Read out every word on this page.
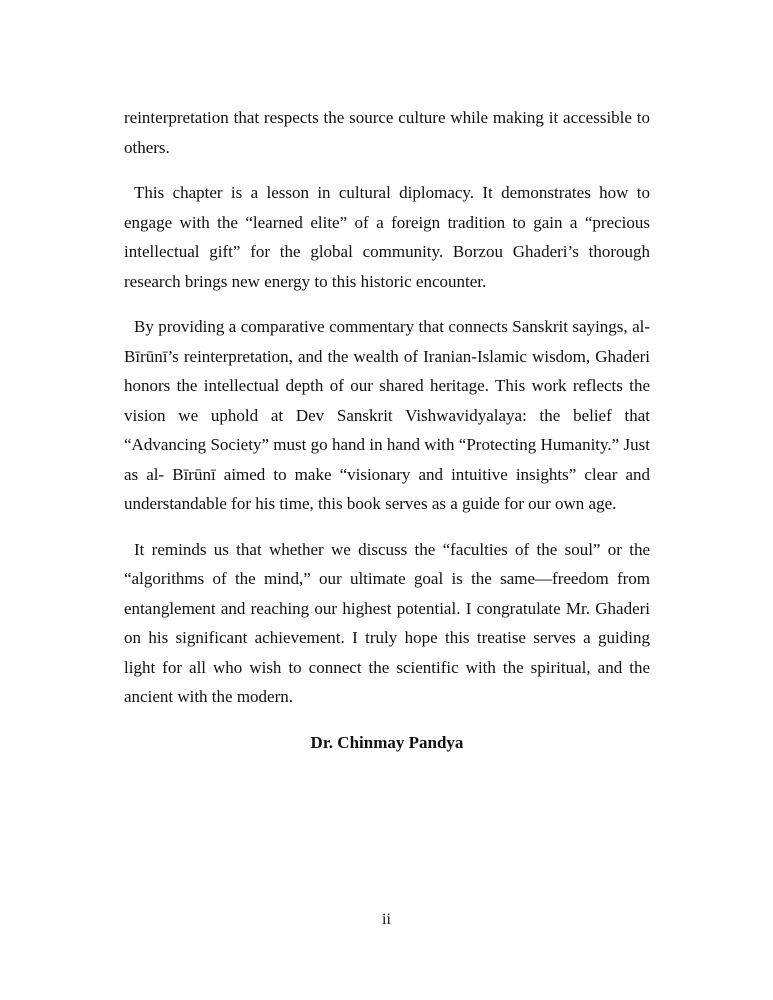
reinterpretation that respects the source culture while making it accessible to others.

This chapter is a lesson in cultural diplomacy. It demonstrates how to engage with the “learned elite” of a foreign tradition to gain a “precious intellectual gift” for the global community. Borzou Ghaderi’s thorough research brings new energy to this historic encounter.

By providing a comparative commentary that connects Sanskrit sayings, al-Bīrūnī’s reinterpretation, and the wealth of Iranian-Islamic wisdom, Ghaderi honors the intellectual depth of our shared heritage. This work reflects the vision we uphold at Dev Sanskrit Vishwavidyalaya: the belief that “Advancing Society” must go hand in hand with “Protecting Humanity.” Just as al- Bīrūnī aimed to make “visionary and intuitive insights” clear and understandable for his time, this book serves as a guide for our own age.

It reminds us that whether we discuss the “faculties of the soul” or the “algorithms of the mind,” our ultimate goal is the same—freedom from entanglement and reaching our highest potential. I congratulate Mr. Ghaderi on his significant achievement. I truly hope this treatise serves a guiding light for all who wish to connect the scientific with the spiritual, and the ancient with the modern.

Dr. Chinmay Pandya

ii
